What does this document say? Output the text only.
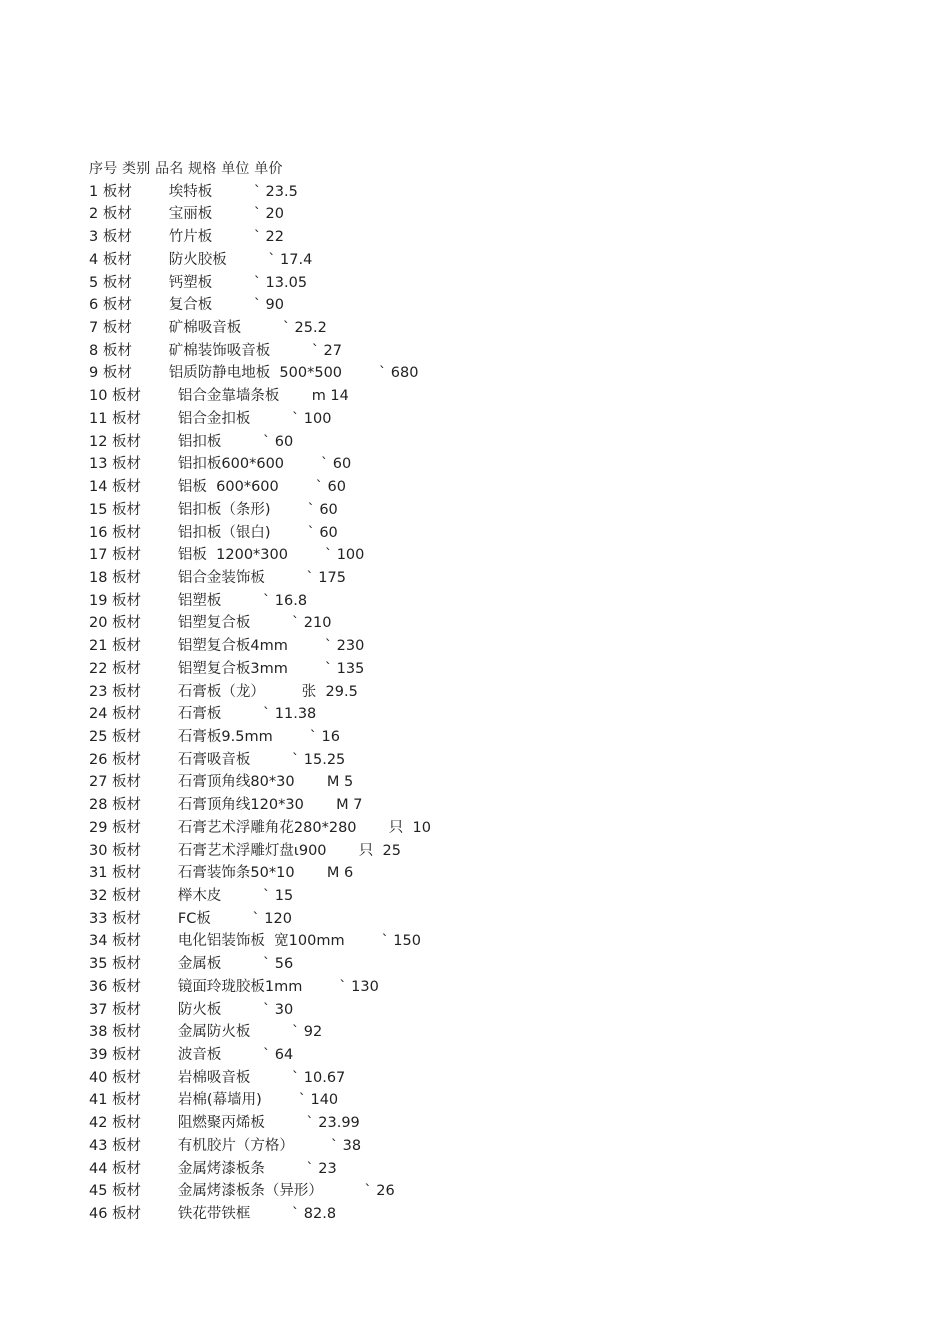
序号 类别 品名 规格 单位 单价
1 板材        埃特板         ` 23.5
2 板材        宝丽板         ` 20
3 板材        竹片板         ` 22
4 板材        防火胶板         ` 17.4
5 板材        钙塑板         ` 13.05
6 板材        复合板         ` 90
7 板材        矿棉吸音板         ` 25.2
8 板材        矿棉装饰吸音板         ` 27
9 板材        铝质防静电地板  500*500        ` 680
10 板材        铝合金靠墙条板       m 14
11 板材        铝合金扣板         ` 100
12 板材        铝扣板         ` 60
13 板材        铝扣板600*600        ` 60
14 板材        铝板  600*600        ` 60
15 板材        铝扣板（条形)        ` 60
16 板材        铝扣板（银白)        ` 60
17 板材        铝板  1200*300        ` 100
18 板材        铝合金装饰板         ` 175
19 板材        铝塑板         ` 16.8
20 板材        铝塑复合板         ` 210
21 板材        铝塑复合板4mm        ` 230
22 板材        铝塑复合板3mm        ` 135
23 板材        石膏板（龙）        张  29.5
24 板材        石膏板         ` 11.38
25 板材        石膏板9.5mm        ` 16
26 板材        石膏吸音板         ` 15.25
27 板材        石膏顶角线80*30       M 5
28 板材        石膏顶角线120*30       M 7
29 板材        石膏艺术浮雕角花280*280       只  10
30 板材        石膏艺术浮雕灯盘ι900       只  25
31 板材        石膏装饰条50*10       M 6
32 板材        榉木皮         ` 15
33 板材        FC板         ` 120
34 板材        电化铝装饰板  宽100mm        ` 150
35 板材        金属板         ` 56
36 板材        镜面玲珑胶板1mm        ` 130
37 板材        防火板         ` 30
38 板材        金属防火板         ` 92
39 板材        波音板         ` 64
40 板材        岩棉吸音板         ` 10.67
41 板材        岩棉(幕墙用)        ` 140
42 板材        阻燃聚丙烯板         ` 23.99
43 板材        有机胶片（方格）        ` 38
44 板材        金属烤漆板条         ` 23
45 板材        金属烤漆板条（异形）         ` 26
46 板材        铁花带铁框         ` 82.8
